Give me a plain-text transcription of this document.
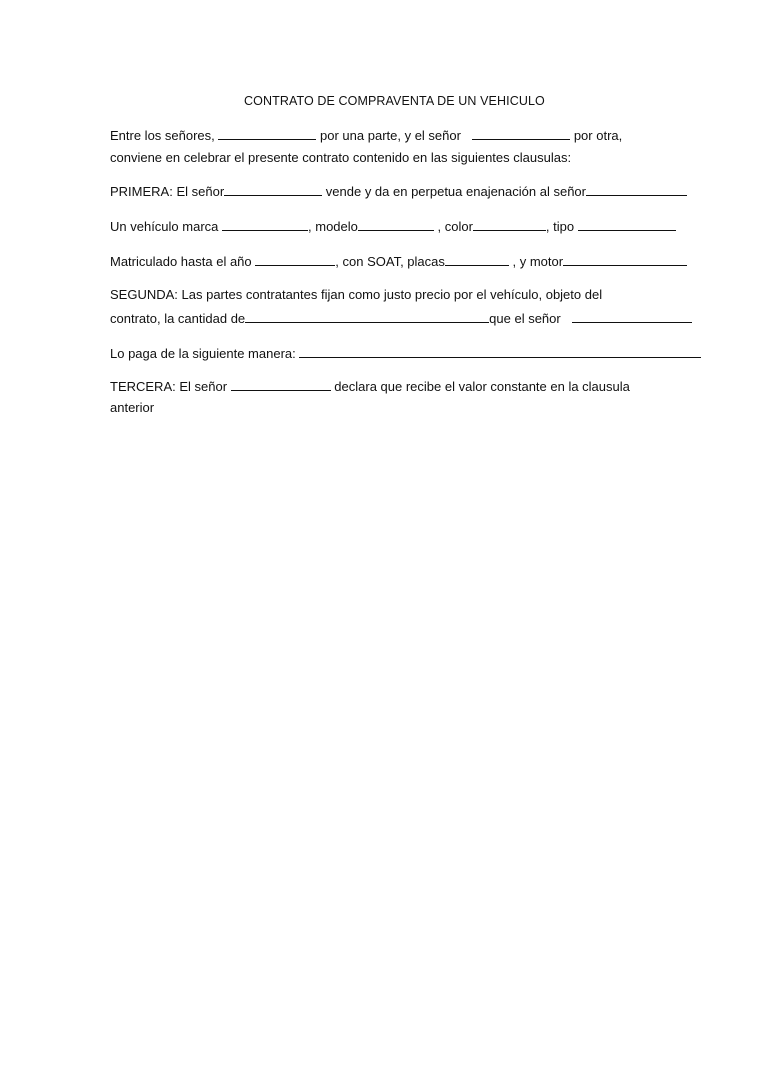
CONTRATO DE COMPRAVENTA DE UN VEHICULO
Entre los señores,	por una parte, y el señor	por otra,
conviene en celebrar el presente contrato contenido en las siguientes clausulas:
PRIMERA: El señor	vende y da en perpetua enajenación al señor
Un vehículo marca	, modelo	, color	, tipo
Matriculado hasta el año	, con SOAT, placas	, y motor
SEGUNDA: Las partes contratantes fijan como justo precio por el vehículo, objeto del
contrato, la cantidad de	que el señor
Lo paga de la siguiente manera:
TERCERA: El señor	declara que recibe el valor constante en la clausula
anterior
